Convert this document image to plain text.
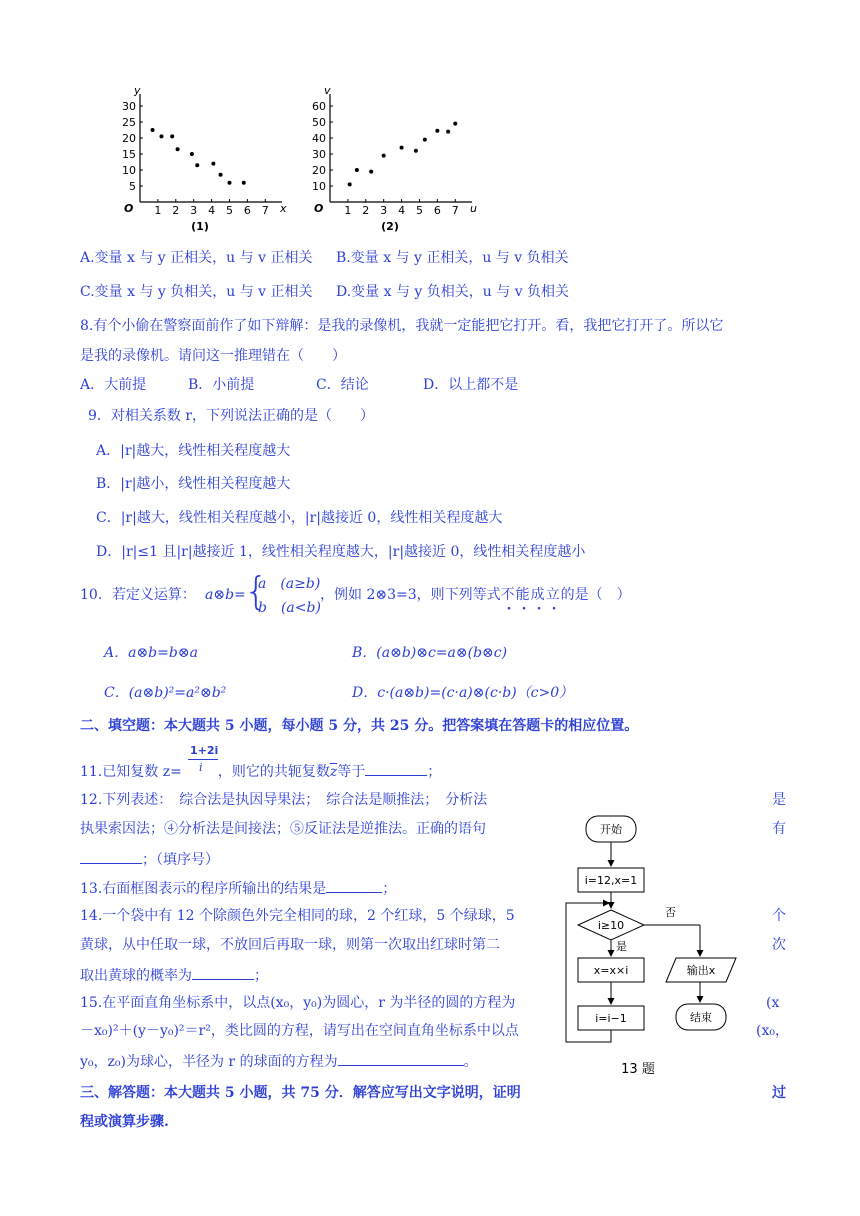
x
y
O 1 2 3 4 5 6 7
5
10
15
20
25
30
(1)
u
v
O 1 2 3 4 5 6 7
10
20
30
40
50
60
(2)
A.变量 x 与 y 正相关，u 与 v 正相关 B.变量 x 与 y 正相关，u 与 v 负相关
C.变量 x 与 y 负相关，u 与 v 正相关 D.变量 x 与 y 负相关，u 与 v 负相关
8.有个小偷在警察面前作了如下辩解：是我的录像机，我就一定能把它打开。看，我把它打开了。所以它
是我的录像机。请问这一推理错在（　　）
A．大前提	B．小前提	C．结论	D．以上都不是
9．对相关系数 r，下列说法正确的是（　　）
A．|r|越大，线性相关程度越大
B．|r|越小，线性相关程度越大
C．|r|越大，线性相关程度越小，|r|越接近 0，线性相关程度越大
D．|r|≤1 且|r|越接近 1，线性相关程度越大，|r|越接近 0，线性相关程度越小
10．若定义运算： a⊗b=
{
a　(a≥b)
b　(a<b)
，例如 2⊗3=3，则下列等式不能成立的是（　）
A．a⊗b=b⊗a	B．(a⊗b)⊗c=a⊗(b⊗c)
C．(a⊗b)²=a²⊗b²	D．c·(a⊗b)=(c·a)⊗(c·b)（c>0）
二、填空题：本大题共 5 小题，每小题 5 分，共 25 分。把答案填在答题卡的相应位置。
11.已知复数 z=	，则它的共轭复数$\overline{z}$等于	；
1+2i
i
12.下列表述：　综合法是执因导果法；　综合法是顺推法；　分析法	是
执果索因法；④分析法是间接法；⑤反证法是逆推法。正确的语句	有
；（填序号）
13.右面框图表示的程序所输出的结果是	；
14.一个袋中有 12 个除颜色外完全相同的球，2 个红球，5 个绿球，5	个
黄球，从中任取一球，不放回后再取一球，则第一次取出红球时第二	次
取出黄球的概率为	；
15.在平面直角坐标系中，以点(x₀，y₀)为圆心，r 为半径的圆的方程为	(x
－x₀)²＋(y－y₀)²＝r²，类比圆的方程，请写出在空间直角坐标系中以点	(x₀，
y₀，z₀)为球心，半径为 r 的球面的方程为	。
三、解答题：本大题共 5 小题，共 75 分．解答应写出文字说明，证明	过
程或演算步骤.
开始
i=12,x=1
i≥10
否
是
x=x×i
i=i−1
输出x
结束
13 题
